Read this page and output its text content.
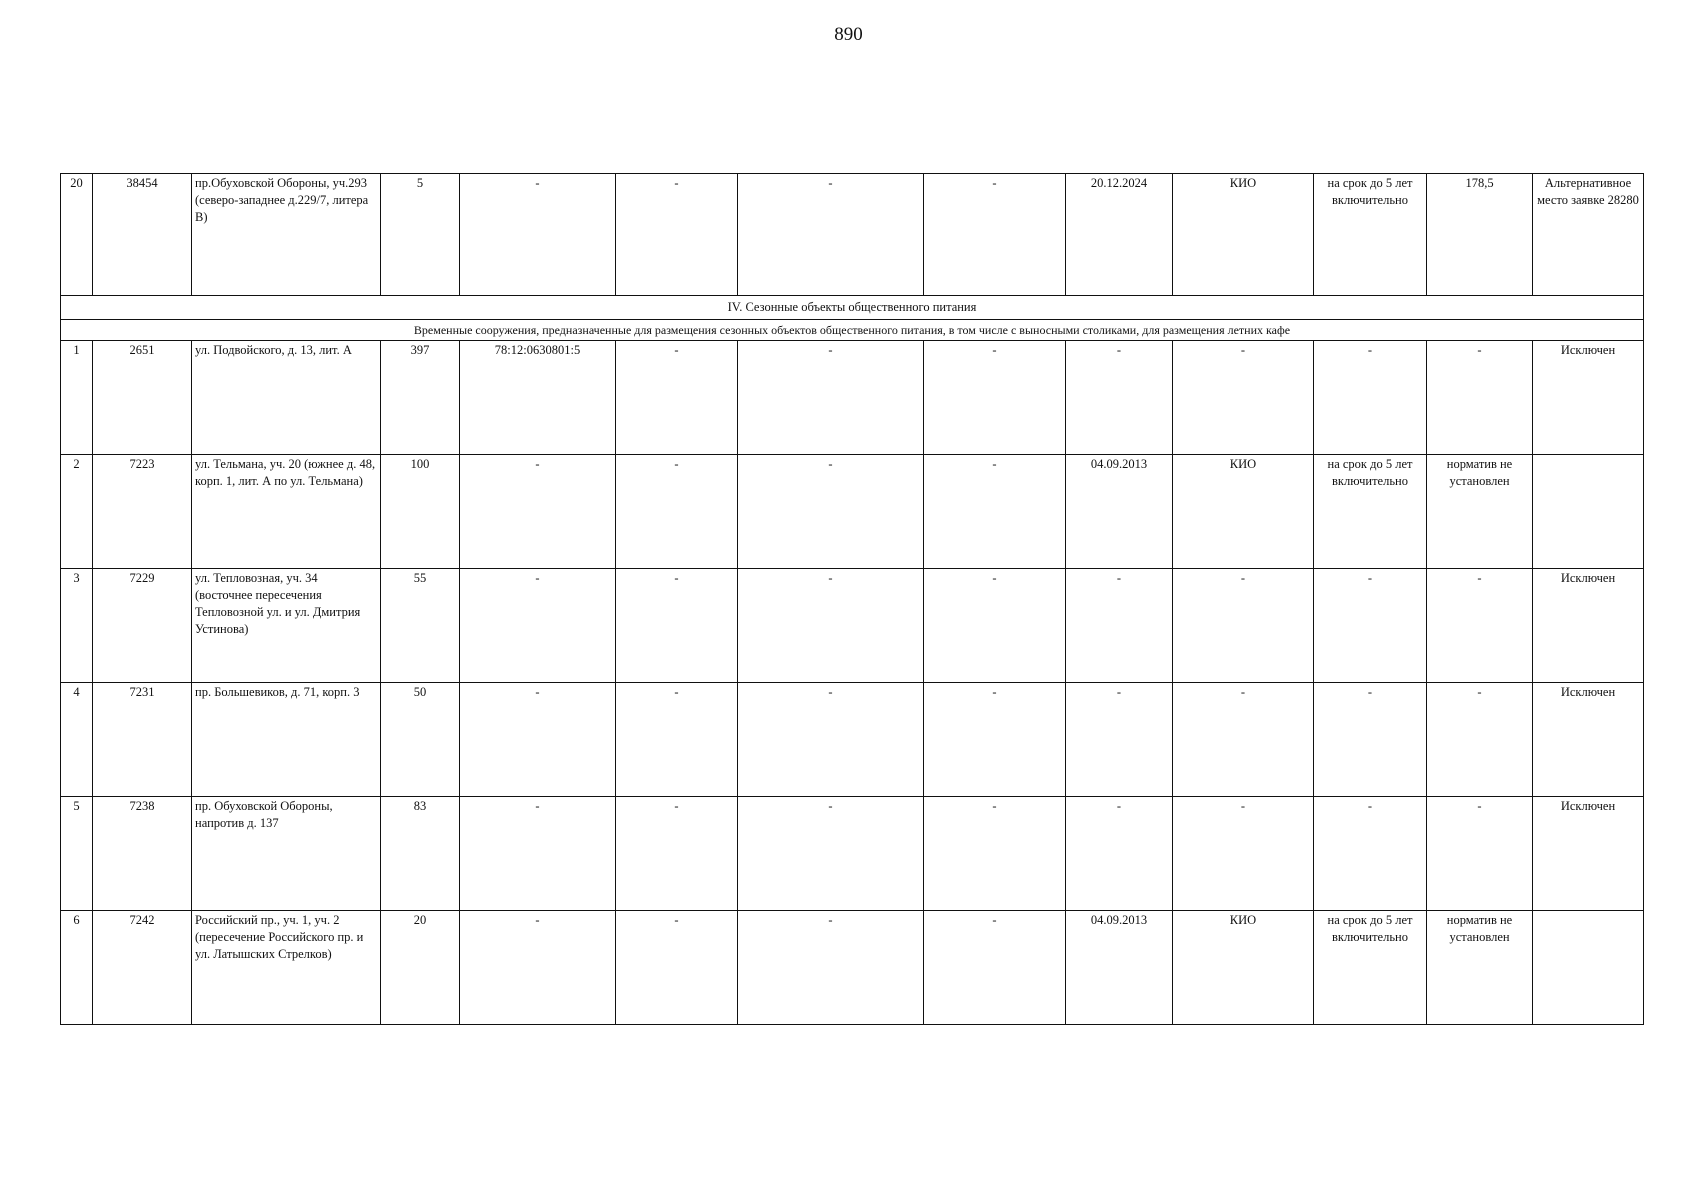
890
20	38454	пр.Обуховской Обороны, уч.293 (северо-западнее д.229/7, литера В)	5	-	-	-	-	20.12.2024	КИО	на срок до 5 лет включительно	178,5	Альтернативное место заявке 28280
IV. Сезонные объекты общественного питания												
Временные сооружения, предназначенные для размещения сезонных объектов общественного питания, в том числе с выносными столиками, для размещения летних кафе												
1	2651	ул. Подвойского, д. 13, лит. А	397	78:12:0630801:5	-	-	-	-	-	-	-	Исключен
2	7223	ул. Тельмана, уч. 20 (южнее д. 48, корп. 1, лит. А по ул. Тельмана)	100	-	-	-	-	04.09.2013	КИО	на срок до 5 лет включительно	норматив не установлен	
3	7229	ул. Тепловозная, уч. 34 (восточнее пересечения Тепловозной ул. и ул. Дмитрия Устинова)	55	-	-	-	-	-	-	-	-	Исключен
4	7231	пр. Большевиков, д. 71, корп. 3	50	-	-	-	-	-	-	-	-	Исключен
5	7238	пр. Обуховской Обороны, напротив д. 137	83	-	-	-	-	-	-	-	-	Исключен
6	7242	Российский пр., уч. 1, уч. 2 (пересечение Российского пр. и ул. Латышских Стрелков)	20	-	-	-	-	04.09.2013	КИО	на срок до 5 лет включительно	норматив не установлен	
